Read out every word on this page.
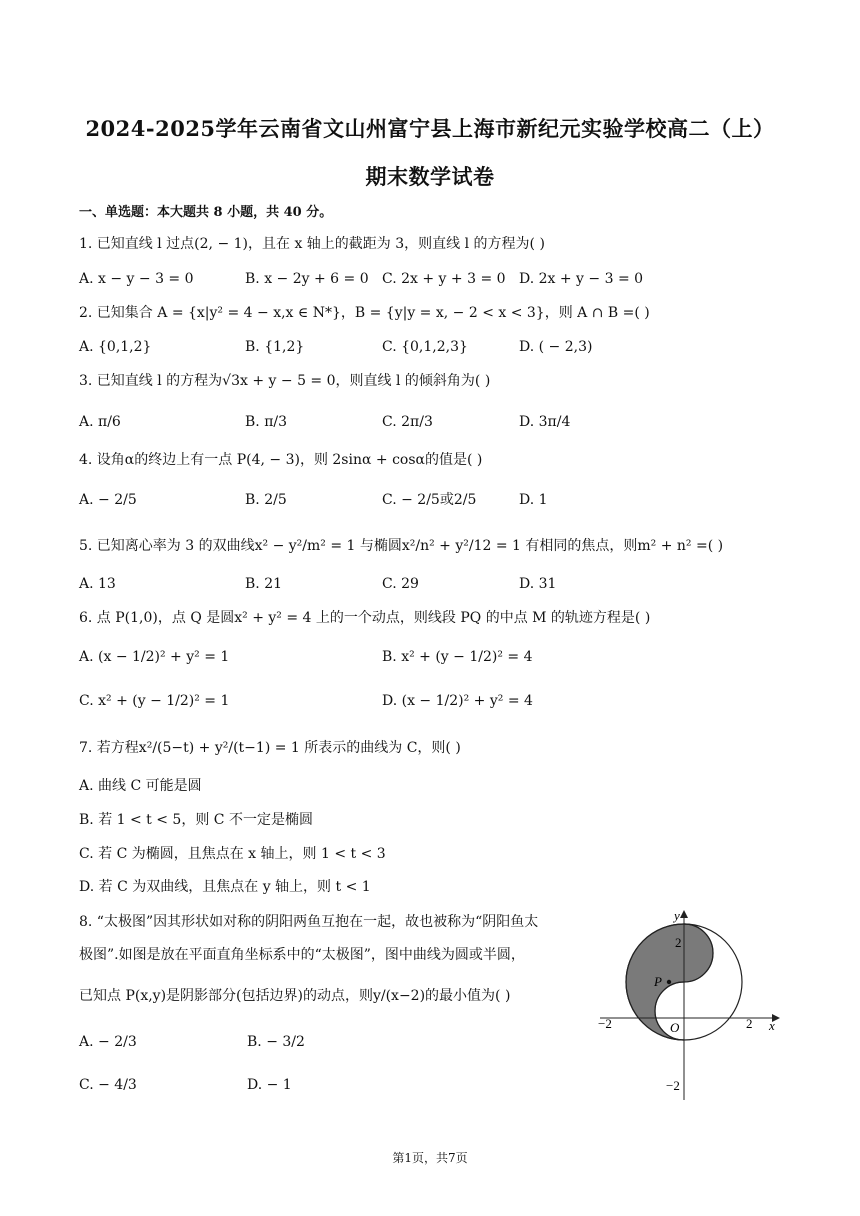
2024-2025学年云南省文山州富宁县上海市新纪元实验学校高二（上）
期末数学试卷
一、单选题：本大题共 8 小题，共 40 分。
1. 已知直线 l 过点(2, − 1)，且在 x 轴上的截距为 3，则直线 l 的方程为( )
A. x − y − 3 = 0	B. x − 2y + 6 = 0 C. 2x + y + 3 = 0 D. 2x + y − 3 = 0
2. 已知集合 A = {x|y² = 4 − x,x ∈ N*}，B = {y|y = x, − 2 < x < 3}，则 A ∩ B =( )
A. {0,1,2}	B. {1,2}	C. {0,1,2,3}	D. ( − 2,3)
3. 已知直线 l 的方程为√3x + y − 5 = 0，则直线 l 的倾斜角为( )
A. π/6	B. π/3	C. 2π/3	D. 3π/4
4. 设角α的终边上有一点 P(4, − 3)，则 2sinα + cosα的值是( )
A. − 2/5	B. 2/5	C. − 2/5或2/5	D. 1
5. 已知离心率为 3 的双曲线x² − y²/m² = 1 与椭圆x²/n² + y²/12 = 1 有相同的焦点，则m² + n² =( )
A. 13	B. 21	C. 29	D. 31
6. 点 P(1,0)，点 Q 是圆x² + y² = 4 上的一个动点，则线段 PQ 的中点 M 的轨迹方程是( )
A. (x − 1/2)² + y² = 1	B. x² + (y − 1/2)² = 4
C. x² + (y − 1/2)² = 1	D. (x − 1/2)² + y² = 4
7. 若方程x²/(5−t) + y²/(t−1) = 1 所表示的曲线为 C，则( )
A. 曲线 C 可能是圆
B. 若 1 < t < 5，则 C 不一定是椭圆
C. 若 C 为椭圆，且焦点在 x 轴上，则 1 < t < 3
D. 若 C 为双曲线，且焦点在 y 轴上，则 t < 1
8. “太极图”因其形状如对称的阴阳两鱼互抱在一起，故也被称为“阴阳鱼太
极图”.如图是放在平面直角坐标系中的“太极图”，图中曲线为圆或半圆，
已知点 P(x,y)是阴影部分(包括边界)的动点，则y/(x−2)的最小值为( )
A. − 2/3	B. − 3/2
C. − 4/3	D. − 1
y
x
O
P
2
−2
−2	2
第1页，共7页
